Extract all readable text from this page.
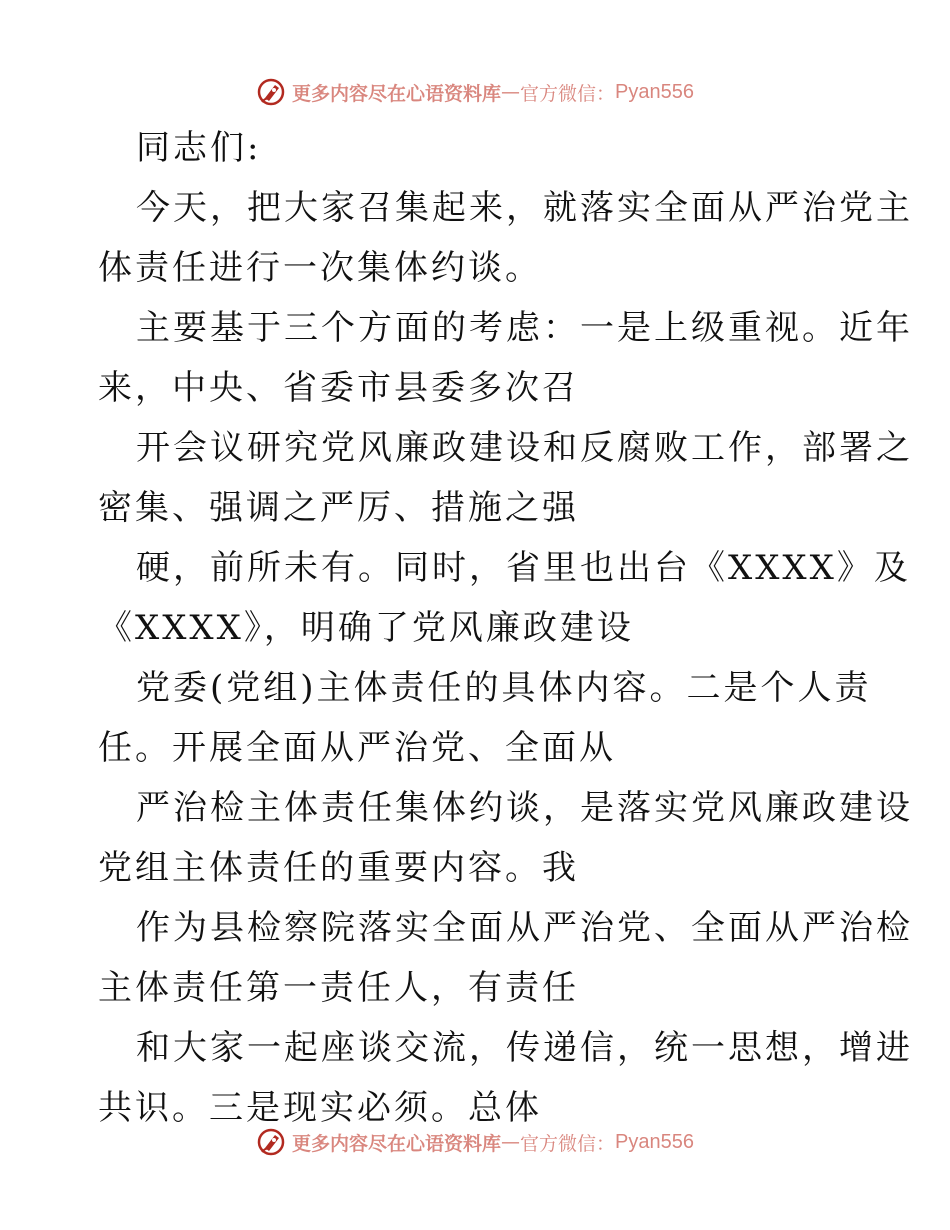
更多内容尽在心语资料库 — 官方微信： Pyan556
同志们:
今天，把大家召集起来，就落实全面从严治党主
体责任进行一次集体约谈。
主要基于三个方面的考虑：一是上级重视。近年
来，中央、省委市县委多次召
开会议研究党风廉政建设和反腐败工作，部署之
密集、强调之严厉、措施之强
硬，前所未有。同时，省里也出台《XXXX》及
《XXXX》，明确了党风廉政建设
党委(党组)主体责任的具体内容。二是个人责
任。开展全面从严治党、全面从
严治检主体责任集体约谈，是落实党风廉政建设
党组主体责任的重要内容。我
作为县检察院落实全面从严治党、全面从严治检
主体责任第一责任人，有责任
和大家一起座谈交流，传递信，统一思想，增进
共识。三是现实必须。总体
更多内容尽在心语资料库 — 官方微信： Pyan556
